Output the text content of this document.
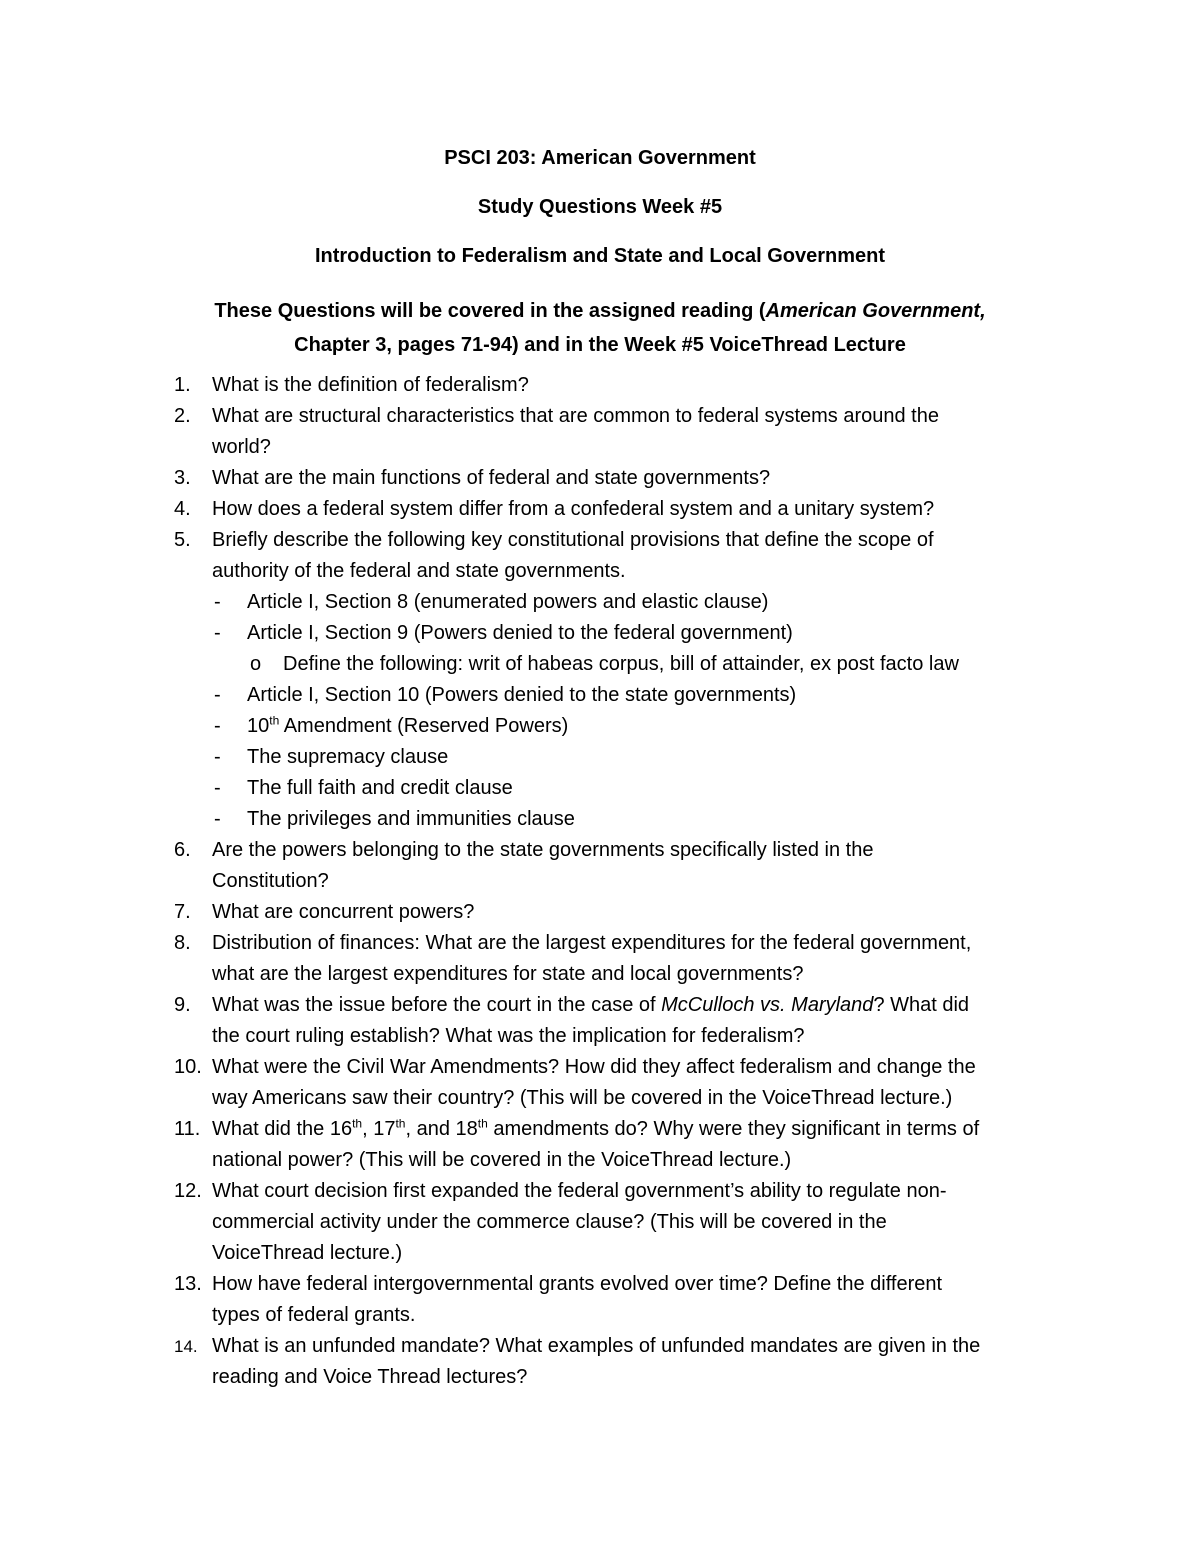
PSCI 203: American Government
Study Questions Week #5
Introduction to Federalism and State and Local Government
These Questions will be covered in the assigned reading (American Government,
Chapter 3, pages 71-94) and in the Week #5 VoiceThread Lecture
1. What is the definition of federalism?
2. What are structural characteristics that are common to federal systems around the
world?
3. What are the main functions of federal and state governments?
4. How does a federal system differ from a confederal system and a unitary system?
5. Briefly describe the following key constitutional provisions that define the scope of
authority of the federal and state governments.
- Article I, Section 8 (enumerated powers and elastic clause)
- Article I, Section 9 (Powers denied to the federal government)
o Define the following: writ of habeas corpus, bill of attainder, ex post facto law
- Article I, Section 10 (Powers denied to the state governments)
- 10th Amendment (Reserved Powers)
- The supremacy clause
- The full faith and credit clause
- The privileges and immunities clause
6. Are the powers belonging to the state governments specifically listed in the
Constitution?
7. What are concurrent powers?
8. Distribution of finances: What are the largest expenditures for the federal government,
what are the largest expenditures for state and local governments?
9. What was the issue before the court in the case of McCulloch vs. Maryland? What did
the court ruling establish? What was the implication for federalism?
10. What were the Civil War Amendments? How did they affect federalism and change the
way Americans saw their country? (This will be covered in the VoiceThread lecture.)
11. What did the 16th, 17th, and 18th amendments do? Why were they significant in terms of
national power? (This will be covered in the VoiceThread lecture.)
12. What court decision first expanded the federal government’s ability to regulate non-
commercial activity under the commerce clause? (This will be covered in the
VoiceThread lecture.)
13. How have federal intergovernmental grants evolved over time? Define the different
types of federal grants.
14. What is an unfunded mandate? What examples of unfunded mandates are given in the
reading and Voice Thread lectures?
